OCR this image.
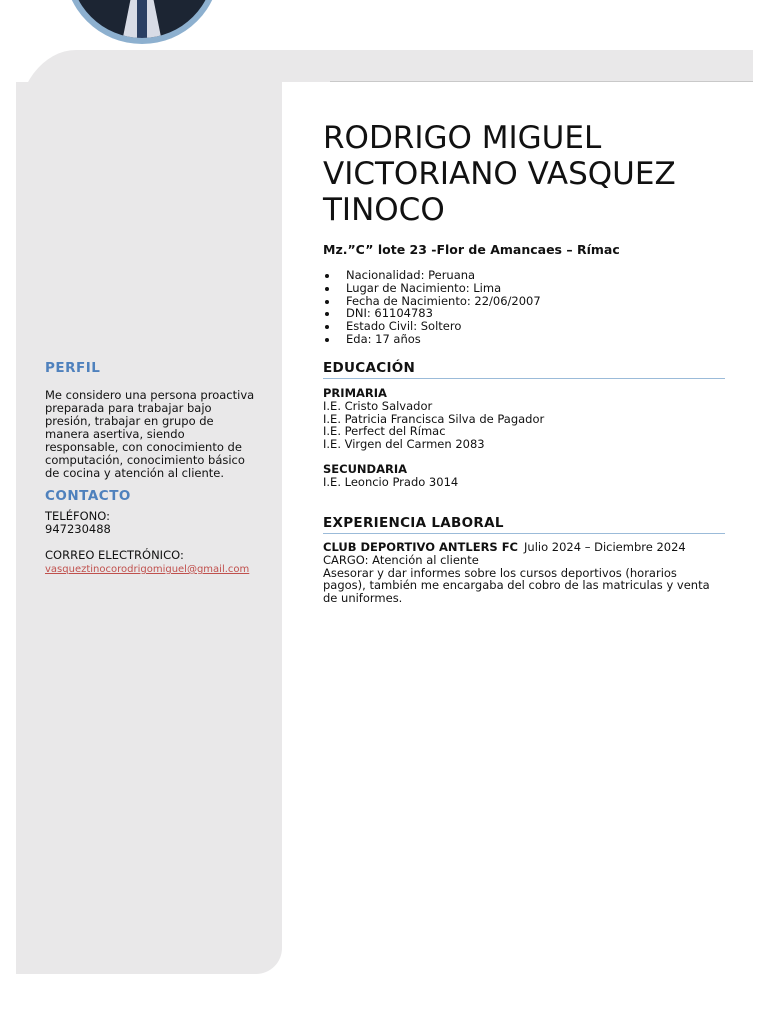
PERFIL

Me considero una persona proactiva preparada para trabajar bajo presión, trabajar en grupo de manera asertiva, siendo responsable, con conocimiento de computación, conocimiento básico de cocina y atención al cliente.

CONTACTO

TELÉFONO:
947230488
CORREO ELECTRÓNICO:
vasqueztinocorodrigomiguel@gmail.com
RODRIGO MIGUEL VICTORIANO VASQUEZ TINOCO
Mz.”C” lote 23 -Flor de Amancaes – Rímac
Nacionalidad: Peruana
Lugar de Nacimiento: Lima
Fecha de Nacimiento: 22/06/2007
DNI: 61104783
Estado Civil: Soltero
Eda: 17 años
EDUCACIÓN
PRIMARIA
I.E. Cristo Salvador
I.E. Patricia Francisca Silva de Pagador
I.E. Perfect del Rímac
I.E. Virgen del Carmen 2083
SECUNDARIA
I.E. Leoncio Prado 3014
EXPERIENCIA LABORAL
CLUB DEPORTIVO ANTLERS FC Julio 2024 – Diciembre 2024
CARGO: Atención al cliente
Asesorar y dar informes sobre los cursos deportivos (horarios pagos), también me encargaba del cobro de las matriculas y venta de uniformes.
